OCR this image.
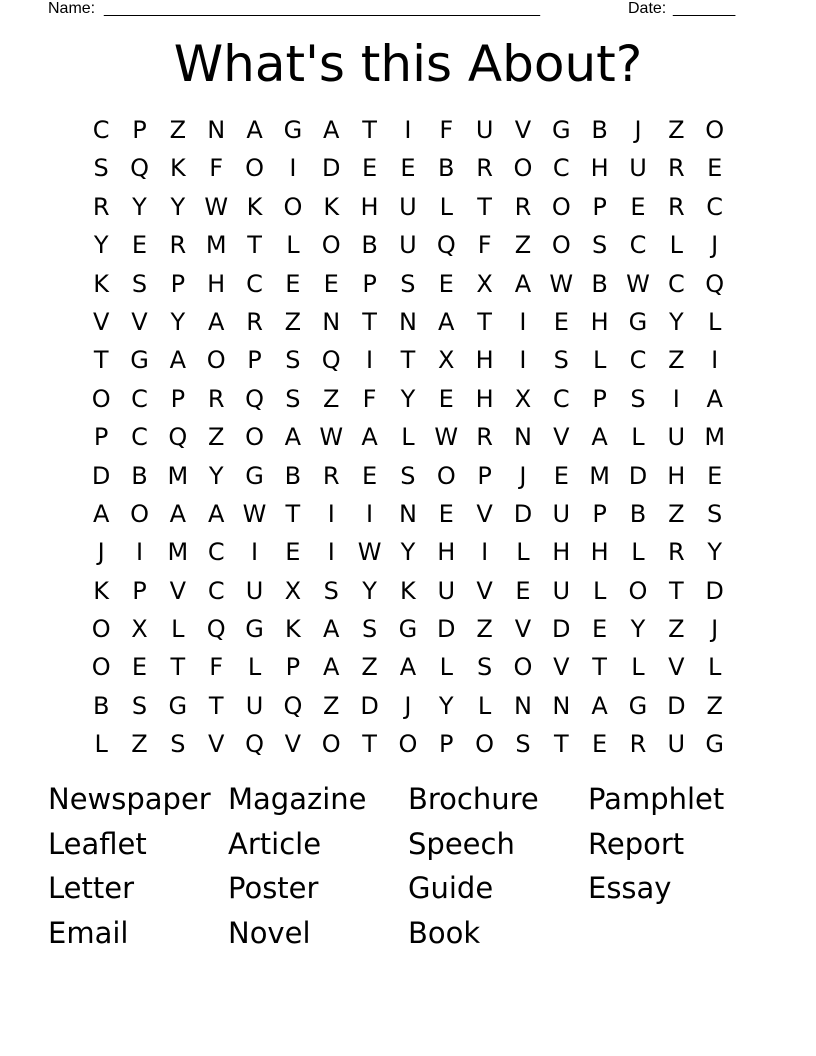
Name: _________________________________________________	Date: _______
What's this About?
C P Z N A G A T	I	F U V G B	J	Z O
S Q K F O	I	D E E B R O C H U R E
R Y Y W K O K H U L	T R O P E R C
Y E R M T	L O B U Q F Z O S C L	J
K S P H C E E P S E X A W B W C Q
V V Y A R Z N T N A T	I	E H G Y	L
T G A O P S Q	I	T X H	I	S	L C Z	I
O C P R Q S Z F	Y E H X C P S	I	A
P C Q Z O A W A L W R N V A L U M
D B M Y G B R E S O P	J	E M D H E
A O A A W T	I	I	N E V D U P B Z S
J	I	M C	I	E	I W Y H	I	L H H L R Y
K P V C U X S Y K U V E U L O T D
O X L Q G K A S G D Z V D E Y Z	J
O E T	F	L	P A Z A L	S O V T	L V L
B S G T U Q Z D	J	Y	L N N A G D Z
L Z S V Q V O T O P O S T E R U G
Newspaper Magazine	Brochure	Pamphlet
Leaflet	Article	Speech	Report
Letter	Poster	Guide	Essay
Email	Novel	Book
